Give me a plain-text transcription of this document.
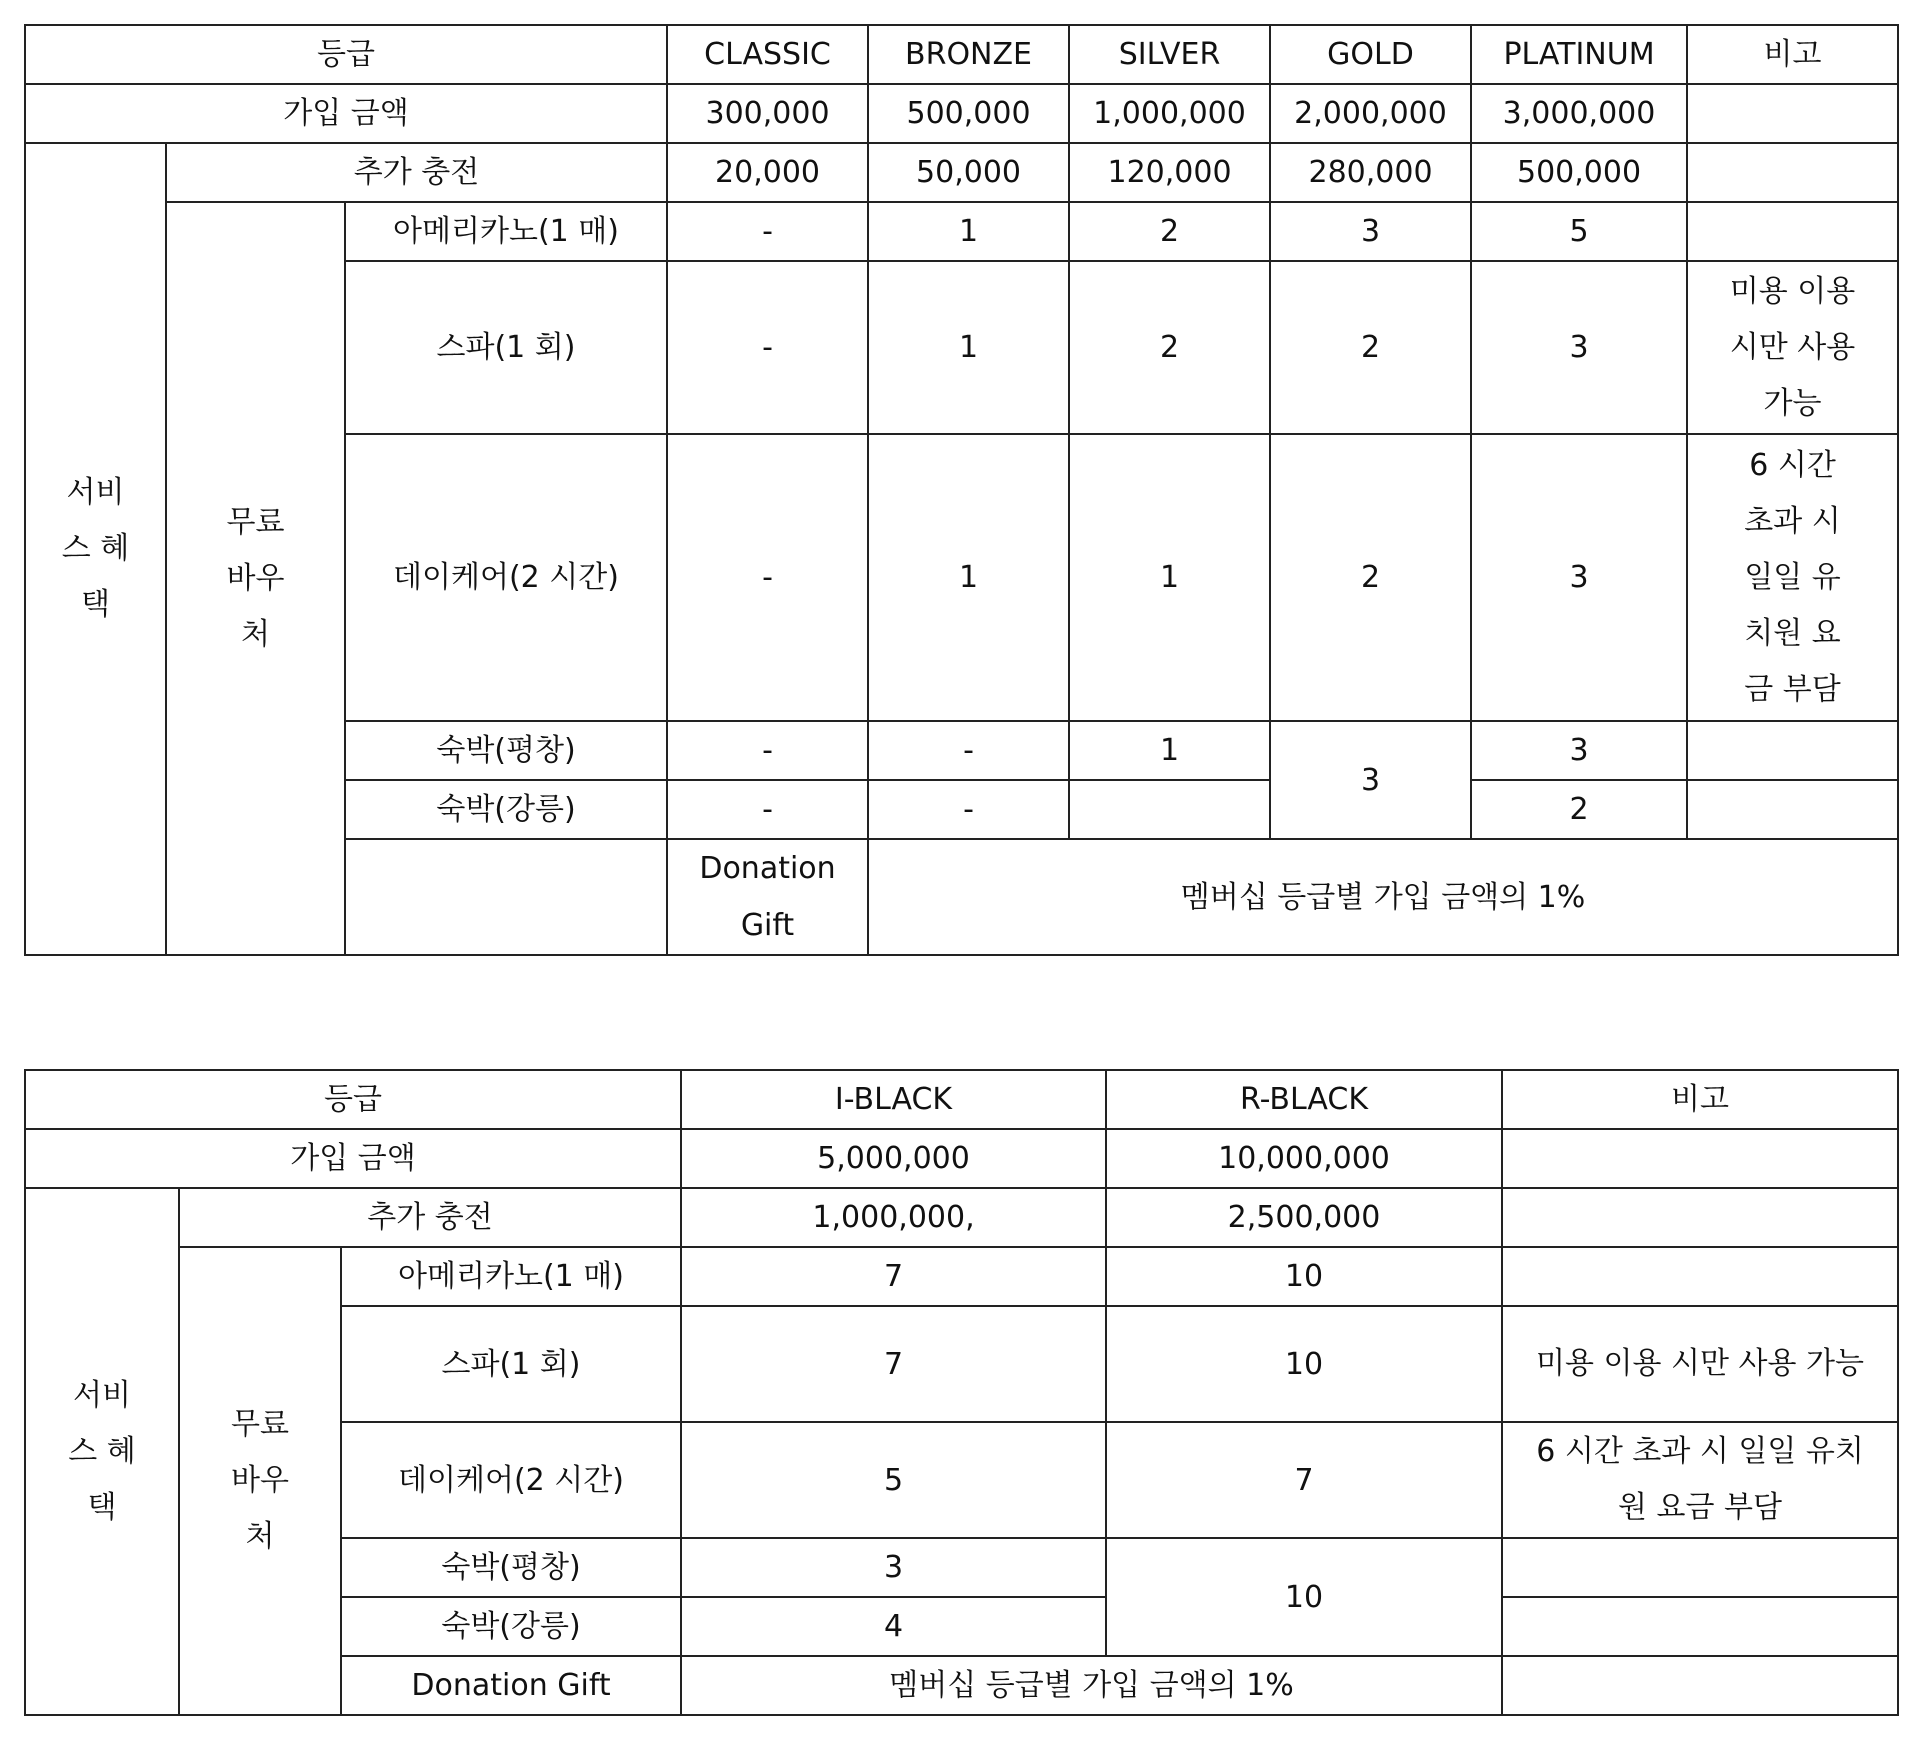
등급			CLASSIC	BRONZE	SILVER	GOLD	PLATINUM	비고	
가입 금액			300,000	500,000	1,000,000	2,000,000	3,000,000		

서비스 혜택	추가 충전		20,000	50,000	120,000	280,000	500,000		

	무료 바우처	아메리카노(1 매)	-	1	2	3	5		
		스파(1 회)	-	1	2	2	3	미용 이용 시만 사용 가능	

		데이케어(2 시간)	-	1	1	2	3	6 시간 초과 시 일일 유치원 요금 부담	

		숙박(평창)	-	-	1	3	3		
		숙박(강릉)	-	-			2		
			Donation Gift	멤버십 등급별 가입 금액의 1%					
등급			I-BLACK	R-BLACK	비고
가입 금액			5,000,000	10,000,000	

서비스 혜택	추가 충전		1,000,000,	2,500,000	

	무료 바우처	아메리카노(1 매)	7	10	
		스파(1 회)	7	10	미용 이용 시만 사용 가능

		데이케어(2 시간)	5	7	6 시간 초과 시 일일 유치원 요금 부담

		숙박(평창)	3	10	
		숙박(강릉)	4		
		Donation Gift	멤버십 등급별 가입 금액의 1%		
